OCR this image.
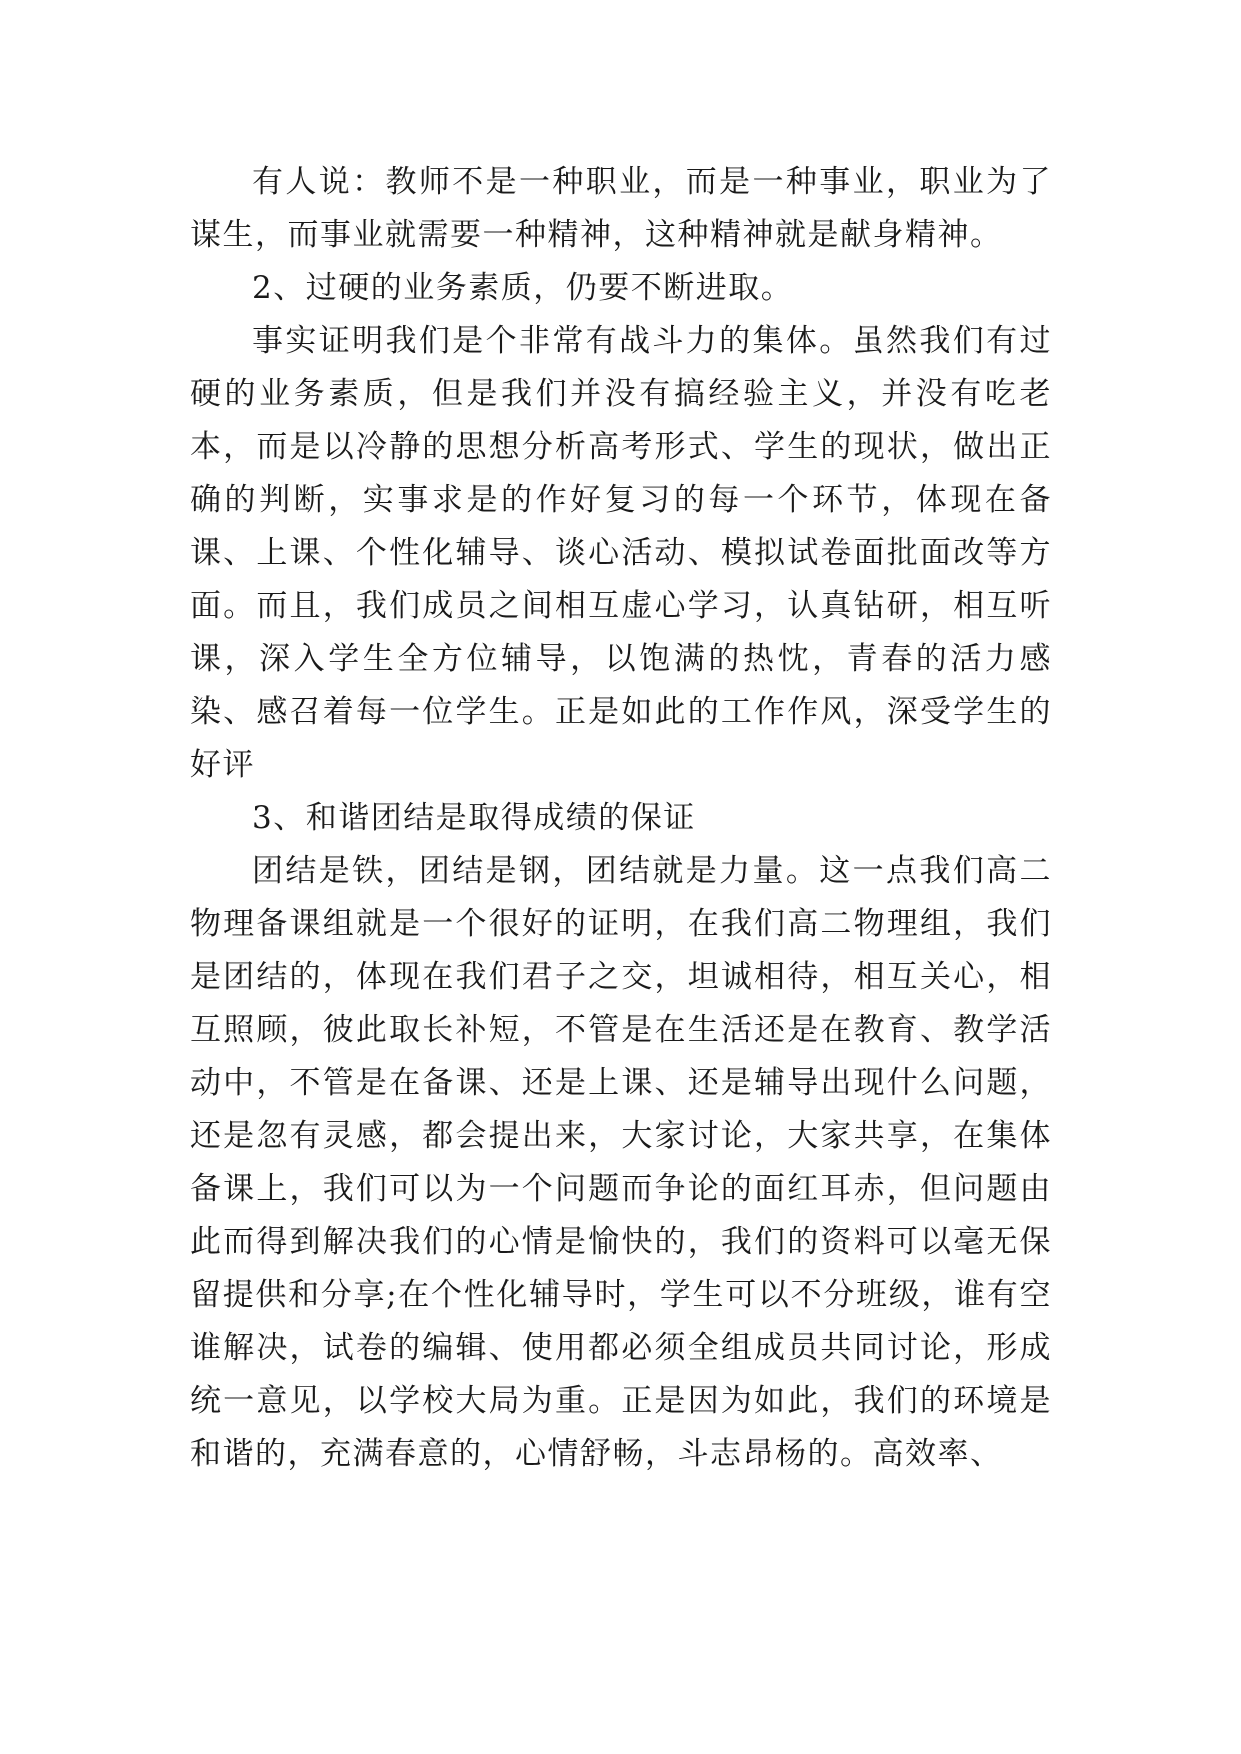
有人说：教师不是一种职业，而是一种事业，职业为了谋生，而事业就需要一种精神，这种精神就是献身精神。

2、过硬的业务素质，仍要不断进取。

事实证明我们是个非常有战斗力的集体。虽然我们有过硬的业务素质，但是我们并没有搞经验主义，并没有吃老本，而是以冷静的思想分析高考形式、学生的现状，做出正确的判断，实事求是的作好复习的每一个环节，体现在备课、上课、个性化辅导、谈心活动、模拟试卷面批面改等方面。而且，我们成员之间相互虚心学习，认真钻研，相互听课，深入学生全方位辅导，以饱满的热忱，青春的活力感染、感召着每一位学生。正是如此的工作作风，深受学生的好评

3、和谐团结是取得成绩的保证

团结是铁，团结是钢，团结就是力量。这一点我们高二物理备课组就是一个很好的证明，在我们高二物理组，我们是团结的，体现在我们君子之交，坦诚相待，相互关心，相互照顾，彼此取长补短，不管是在生活还是在教育、教学活动中，不管是在备课、还是上课、还是辅导出现什么问题，还是忽有灵感，都会提出来，大家讨论，大家共享，在集体备课上，我们可以为一个问题而争论的面红耳赤，但问题由此而得到解决我们的心情是愉快的，我们的资料可以毫无保留提供和分享;在个性化辅导时，学生可以不分班级，谁有空谁解决，试卷的编辑、使用都必须全组成员共同讨论，形成统一意见，以学校大局为重。正是因为如此，我们的环境是和谐的，充满春意的，心情舒畅，斗志昂杨的。高效率、
